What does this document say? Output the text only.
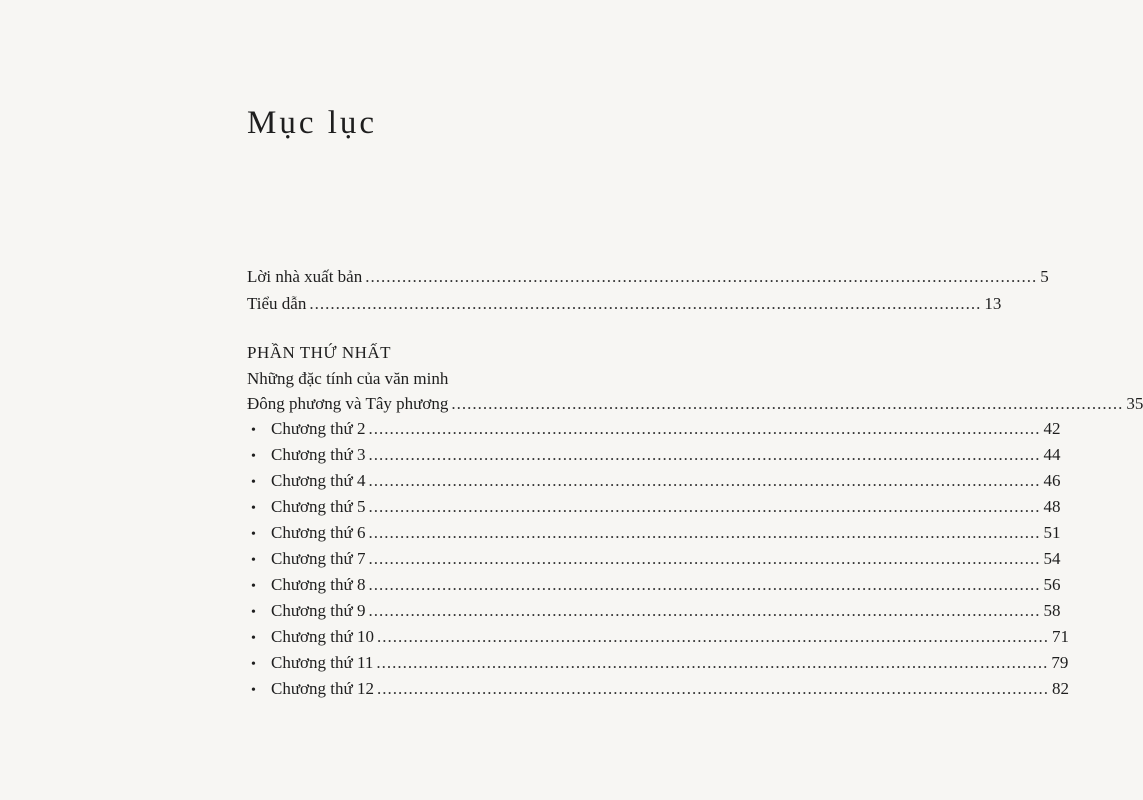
Mục lục
Lời nhà xuất bản ................................................................................................................................ 5
Tiểu dẫn ................................................................................................................................ 13
PHẦN THỨ NHẤT
Những đặc tính của văn minh
Đông phương và Tây phương ................................................................................................................................ 35
• Chương thứ 2 ................................................................................................................................ 42
• Chương thứ 3 ................................................................................................................................ 44
• Chương thứ 4 ................................................................................................................................ 46
• Chương thứ 5 ................................................................................................................................ 48
• Chương thứ 6 ................................................................................................................................ 51
• Chương thứ 7 ................................................................................................................................ 54
• Chương thứ 8 ................................................................................................................................ 56
• Chương thứ 9 ................................................................................................................................ 58
• Chương thứ 10 ................................................................................................................................ 71
• Chương thứ 11 ................................................................................................................................ 79
• Chương thứ 12 ................................................................................................................................ 82
